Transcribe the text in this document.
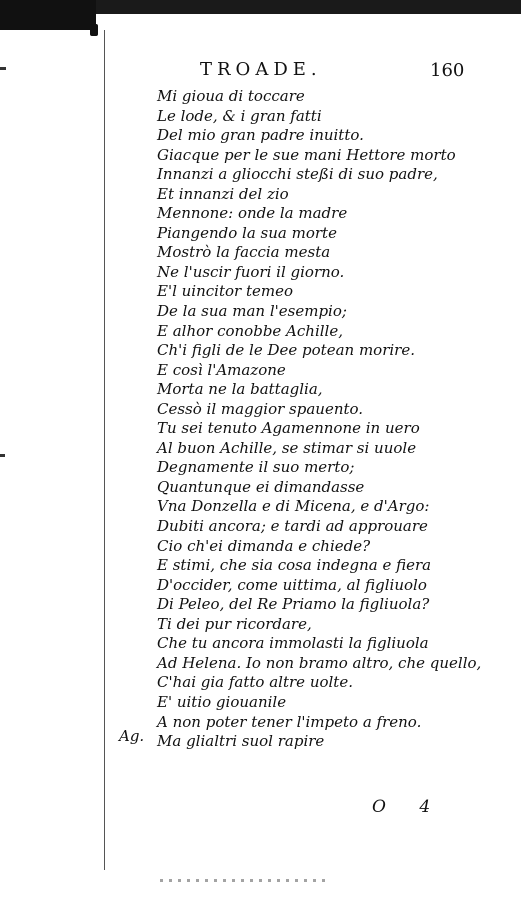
TROADE.	160
Mi gioua di toccare
Le lode, & i gran fatti
Del mio gran padre inuitto.
Giacque per le sue mani Hettore morto
Innanzi a gliocchi steßi di suo padre,
Et innanzi del zio
Mennone: onde la madre
Piangendo la sua morte
Mostrò la faccia mesta
Ne l'uscir fuori il giorno.
E'l uincitor temeo
De la sua man l'esempio;
E alhor conobbe Achille,
Ch'i figli de le Dee potean morire.
E così l'Amazone
Morta ne la battaglia,
Cessò il maggior spauento.
Tu sei tenuto Agamennone in uero
Al buon Achille, se stimar si uuole
Degnamente il suo merto;
Quantunque ei dimandasse
Vna Donzella e di Micena, e d'Argo:
Dubiti ancora; e tardi ad approuare
Cio ch'ei dimanda e chiede?
E stimi, che sia cosa indegna e fiera
D'occider, come uittima, al figliuolo
Di Peleo, del Re Priamo la figliuola?
Ti dei pur ricordare,
Che tu ancora immolasti la figliuola
Ad Helena. Io non bramo altro, che quello,
C'hai gia fatto altre uolte.
E' uitio giouanile
A non poter tener l'impeto a freno.
Ma glialtri suol rapire
Ag.
O 4
